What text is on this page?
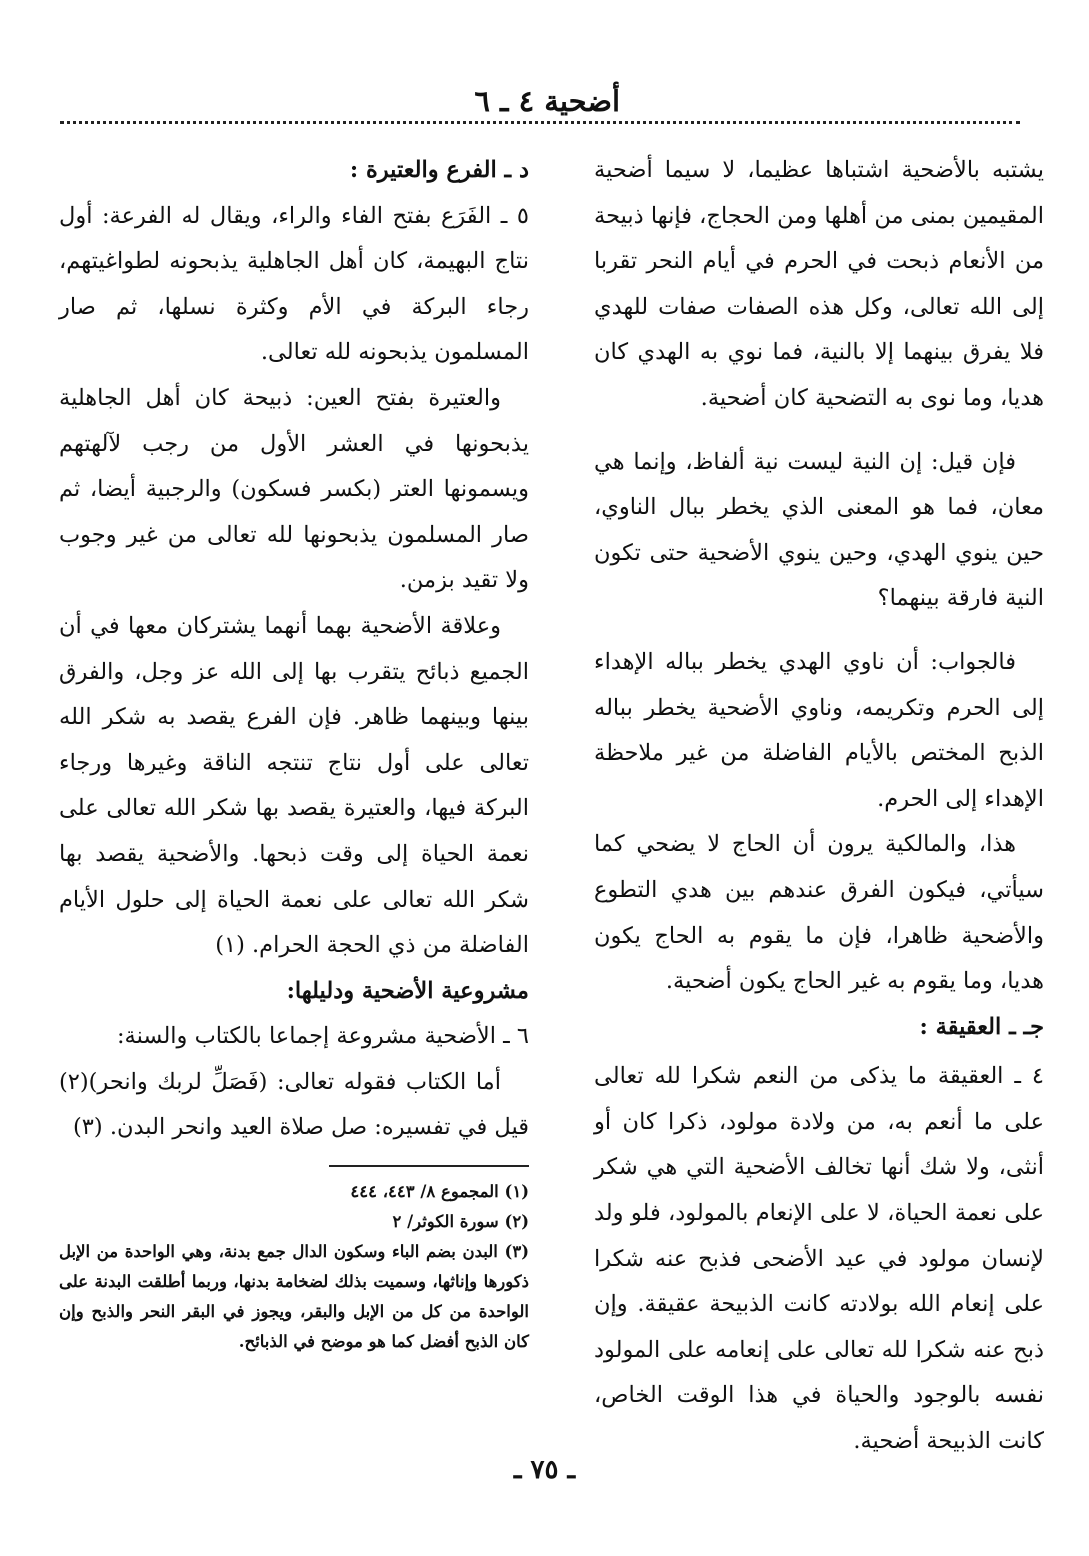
أضحية ٤ ـ ٦

يشتبه بالأضحية اشتباها عظيما، لا سيما أضحية المقيمين بمنى من أهلها ومن الحجاج، فإنها ذبيحة من الأنعام ذبحت في الحرم في أيام النحر تقربا إلى الله تعالى، وكل هذه الصفات صفات للهدي فلا يفرق بينهما إلا بالنية، فما نوي به الهدي كان هديا، وما نوى به التضحية كان أضحية.

فإن قيل: إن النية ليست نية ألفاظ، وإنما هي معان، فما هو المعنى الذي يخطر ببال الناوي، حين ينوي الهدي، وحين ينوي الأضحية حتى تكون النية فارقة بينهما؟

فالجواب: أن ناوي الهدي يخطر بباله الإهداء إلى الحرم وتكريمه، وناوي الأضحية يخطر بباله الذبح المختص بالأيام الفاضلة من غير ملاحظة الإهداء إلى الحرم.

هذا، والمالكية يرون أن الحاج لا يضحي كما سيأتي، فيكون الفرق عندهم بين هدي التطوع والأضحية ظاهرا، فإن ما يقوم به الحاج يكون هديا، وما يقوم به غير الحاج يكون أضحية.

جـ ـ العقيقة :

٤ ـ العقيقة ما يذكى من النعم شكرا لله تعالى على ما أنعم به، من ولادة مولود، ذكرا كان أو أنثى، ولا شك أنها تخالف الأضحية التي هي شكر على نعمة الحياة، لا على الإنعام بالمولود، فلو ولد لإنسان مولود في عيد الأضحى فذبح عنه شكرا على إنعام الله بولادته كانت الذبيحة عقيقة. وإن ذبح عنه شكرا لله تعالى على إنعامه على المولود نفسه بالوجود والحياة في هذا الوقت الخاص، كانت الذبيحة أضحية.

د ـ الفرع والعتيرة :

٥ ـ الفَرَع بفتح الفاء والراء، ويقال له الفرعة: أول نتاج البهيمة، كان أهل الجاهلية يذبحونه لطواغيتهم، رجاء البركة في الأم وكثرة نسلها، ثم صار المسلمون يذبحونه لله تعالى.

والعتيرة بفتح العين: ذبيحة كان أهل الجاهلية يذبحونها في العشر الأول من رجب لآلهتهم ويسمونها العتر (بكسر فسكون) والرجبية أيضا، ثم صار المسلمون يذبحونها لله تعالى من غير وجوب ولا تقيد بزمن.

وعلاقة الأضحية بهما أنهما يشتركان معها في أن الجميع ذبائح يتقرب بها إلى الله عز وجل، والفرق بينها وبينهما ظاهر. فإن الفرع يقصد به شكر الله تعالى على أول نتاج تنتجه الناقة وغيرها ورجاء البركة فيها، والعتيرة يقصد بها شكر الله تعالى على نعمة الحياة إلى وقت ذبحها. والأضحية يقصد بها شكر الله تعالى على نعمة الحياة إلى حلول الأيام الفاضلة من ذي الحجة الحرام. (١)

مشروعية الأضحية ودليلها:

٦ ـ الأضحية مشروعة إجماعا بالكتاب والسنة:

أما الكتاب فقوله تعالى: (فَصَلِّ لربك وانحر)(٢) قيل في تفسيره: صل صلاة العيد وانحر البدن. (٣)

(١) المجموع ٨/ ٤٤٣، ٤٤٤

(٢) سورة الكوثر/ ٢

(٣) البدن بضم الباء وسكون الدال جمع بدنة، وهي الواحدة من الإبل ذكورها وإناثها، وسميت بذلك لضخامة بدنها، وربما أطلقت البدنة على الواحدة من كل من الإبل والبقر، ويجوز في البقر النحر والذبح وإن كان الذبح أفضل كما هو موضح في الذبائح.

ـ ٧٥ ـ
